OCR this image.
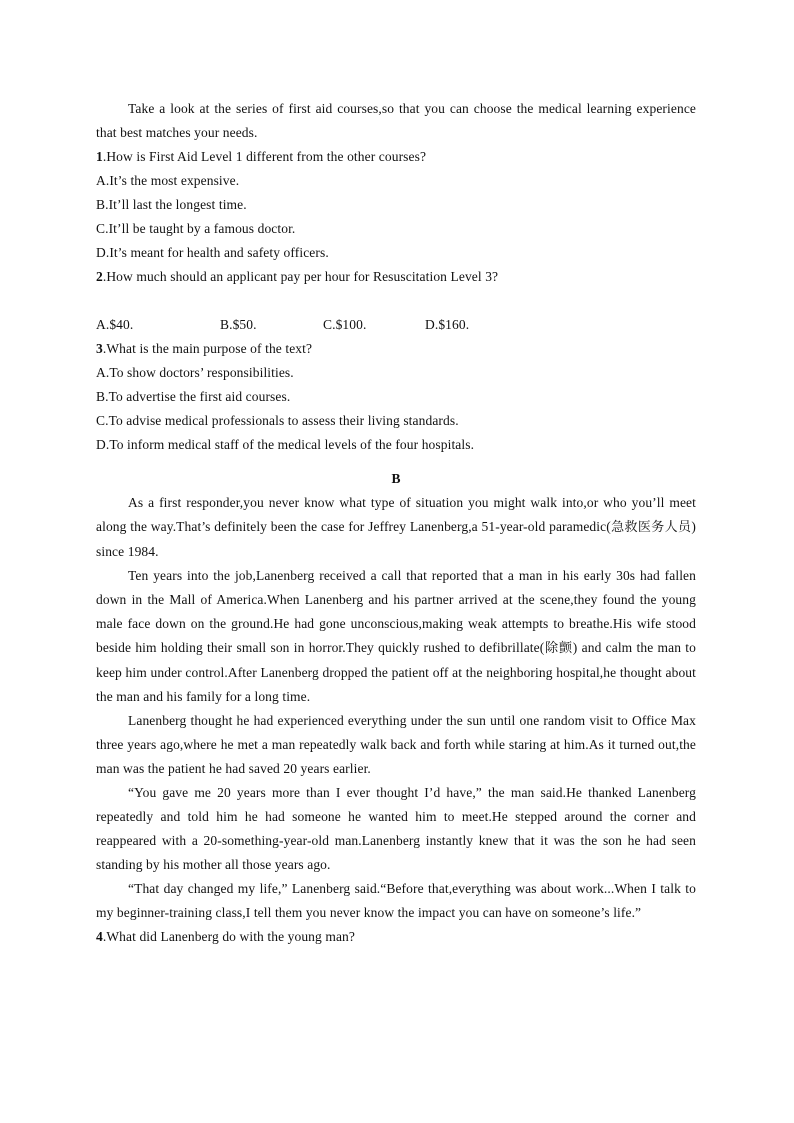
Take a look at the series of first aid courses,so that you can choose the medical learning experience that best matches your needs.

1.How is First Aid Level 1 different from the other courses?

A.It’s the most expensive.

B.It’ll last the longest time.

C.It’ll be taught by a famous doctor.

D.It’s meant for health and safety officers.

2.How much should an applicant pay per hour for Resuscitation Level 3?

A.$40.	B.$50.	C.$100.	D.$160.

3.What is the main purpose of the text?

A.To show doctors’ responsibilities.

B.To advertise the first aid courses.

C.To advise medical professionals to assess their living standards.

D.To inform medical staff of the medical levels of the four hospitals.

B

As a first responder,you never know what type of situation you might walk into,or who you’ll meet along the way.That’s definitely been the case for Jeffrey Lanenberg,a 51-year-old paramedic(急救医务人员) since 1984.

Ten years into the job,Lanenberg received a call that reported that a man in his early 30s had fallen down in the Mall of America.When Lanenberg and his partner arrived at the scene,they found the young male face down on the ground.He had gone unconscious,making weak attempts to breathe.His wife stood beside him holding their small son in horror.They quickly rushed to defibrillate(除颤) and calm the man to keep him under control.After Lanenberg dropped the patient off at the neighboring hospital,he thought about the man and his family for a long time.

Lanenberg thought he had experienced everything under the sun until one random visit to Office Max three years ago,where he met a man repeatedly walk back and forth while staring at him.As it turned out,the man was the patient he had saved 20 years earlier.

“You gave me 20 years more than I ever thought I’d have,” the man said.He thanked Lanenberg repeatedly and told him he had someone he wanted him to meet.He stepped around the corner and reappeared with a 20-something-year-old man.Lanenberg instantly knew that it was the son he had seen standing by his mother all those years ago.

“That day changed my life,” Lanenberg said.“Before that,everything was about work...When I talk to my beginner-training class,I tell them you never know the impact you can have on someone’s life.”

4.What did Lanenberg do with the young man?
